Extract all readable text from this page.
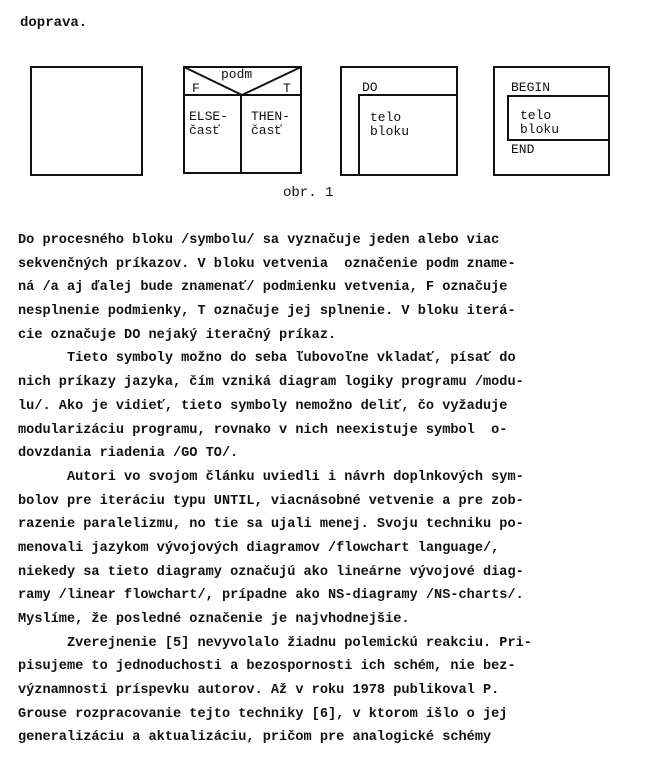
doprava.
podm
F	T
ELSE-
časť
THEN-
časť
DO
telo
bloku
BEGIN
telo
bloku
END
obr. 1

Do procesného bloku /symbolu/ sa vyznačuje jeden alebo viac

sekvenčných príkazov. V bloku vetvenia  označenie podm zname-

ná /a aj ďalej bude znamenať/ podmienku vetvenia, F označuje

nesplnenie podmienky, T označuje jej splnenie. V bloku iterá-

cie označuje DO nejaký iteračný príkaz.

Tieto symboly možno do seba ľubovoľne vkladať, písať do

nich príkazy jazyka, čím vzniká diagram logiky programu /modu-

lu/. Ako je vidieť, tieto symboly nemožno deliť, čo vyžaduje

modularizáciu programu, rovnako v nich neexistuje symbol  o-

dovzdania riadenia /GO TO/.

Autori vo svojom článku uviedli i návrh doplnkových sym-

bolov pre iteráciu typu UNTIL, viacnásobné vetvenie a pre zob-

razenie paralelizmu, no tie sa ujali menej. Svoju techniku po-

menovali jazykom vývojových diagramov /flowchart language/,

niekedy sa tieto diagramy označujú ako lineárne vývojové diag-

ramy /linear flowchart/, prípadne ako NS-diagramy /NS-charts/.

Myslíme, že posledné označenie je najvhodnejšie.

Zverejnenie [5] nevyvolalo žiadnu polemickú reakciu. Pri-

pisujeme to jednoduchosti a bezospornosti ich schém, nie bez-

významnosti príspevku autorov. Až v roku 1978 publikoval P.

Grouse rozpracovanie tejto techniky [6], v ktorom išlo o jej

generalizáciu a aktualizáciu, pričom pre analogické schémy
